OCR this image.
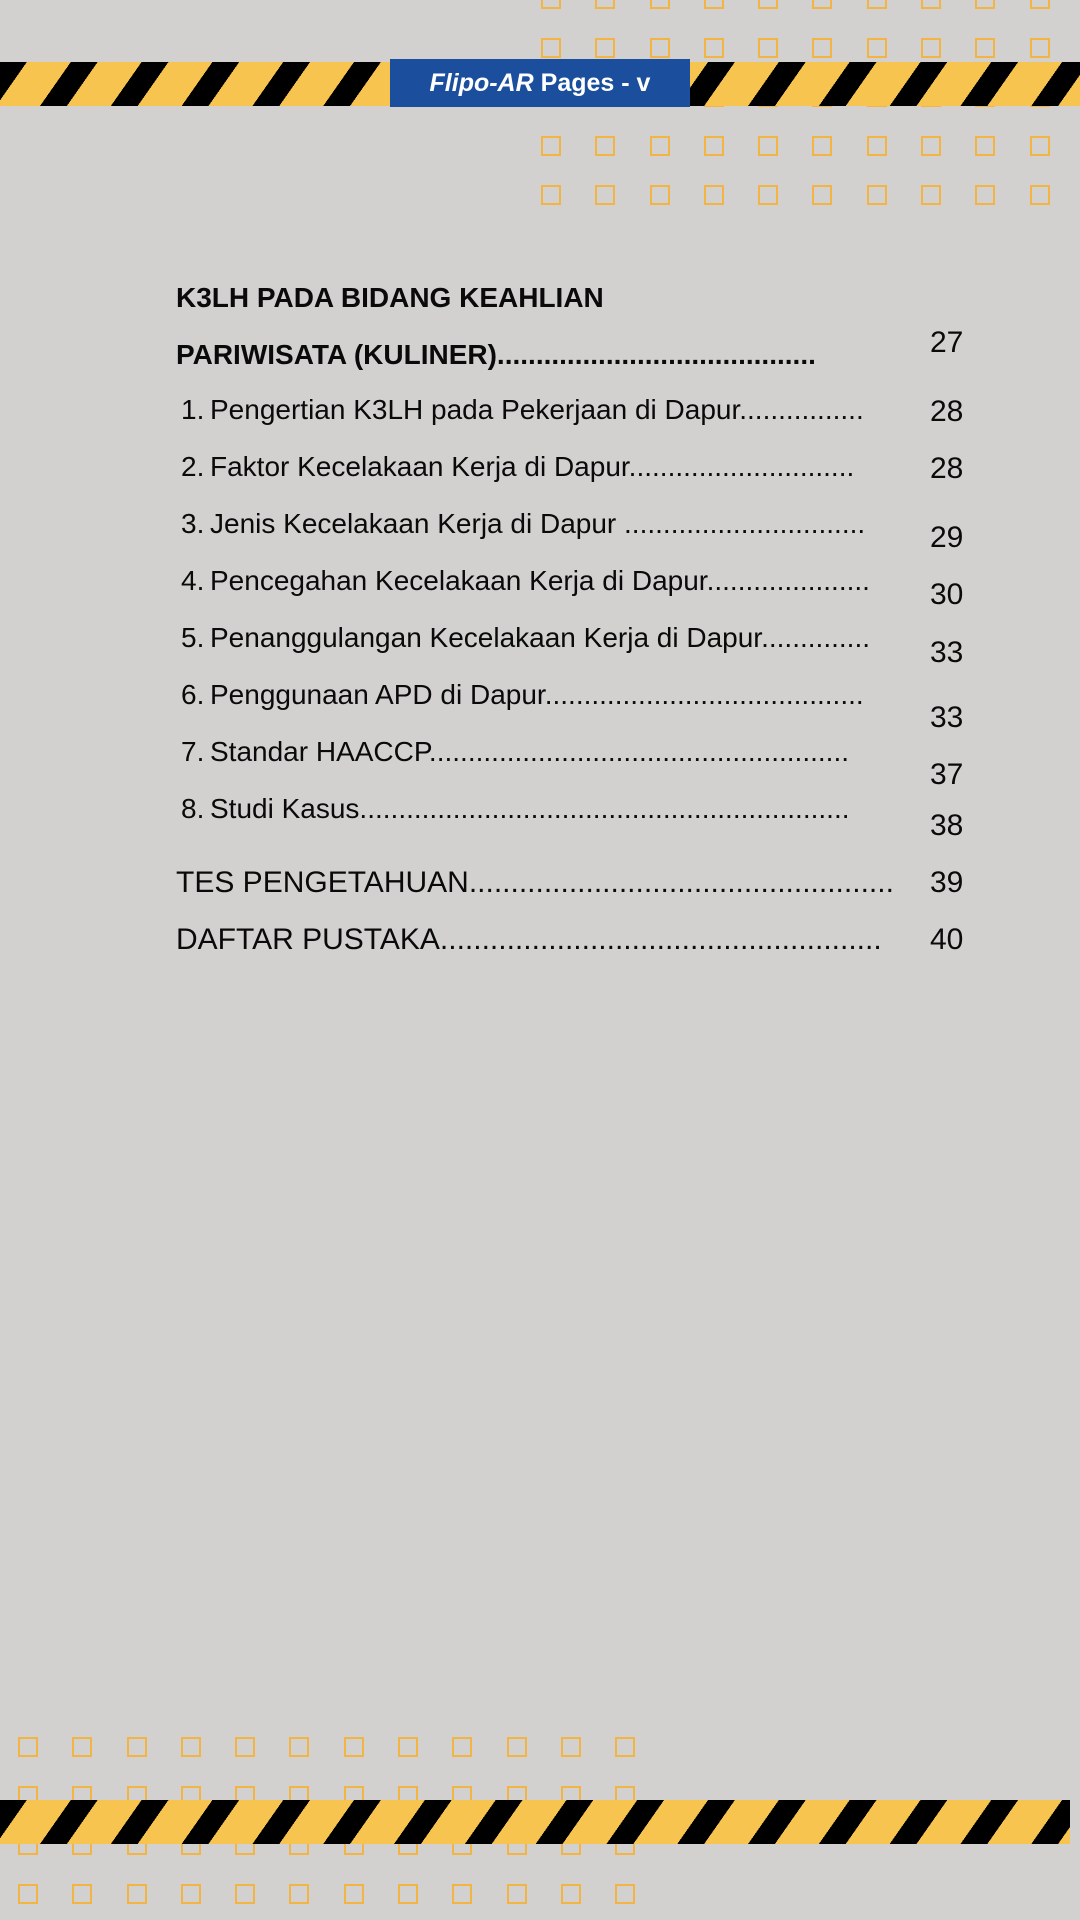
Flipo-AR Pages - v
K3LH PADA BIDANG KEAHLIAN
PARIWISATA (KULINER).........................................	27
1. Pengertian K3LH pada Pekerjaan di Dapur................ 28
2. Faktor Kecelakaan Kerja di Dapur.............................	28
3. Jenis Kecelakaan Kerja di Dapur ............................... 29
4. Pencegahan Kecelakaan Kerja di Dapur..................... 30
5. Penanggulangan Kecelakaan Kerja di Dapur.............. 33
6. Penggunaan APD di Dapur.........................................
33
7. Standar HAACCP......................................................
37
8. Studi Kasus...............................................................
38
TES PENGETAHUAN................................................... 39
DAFTAR PUSTAKA..................................................... 40
